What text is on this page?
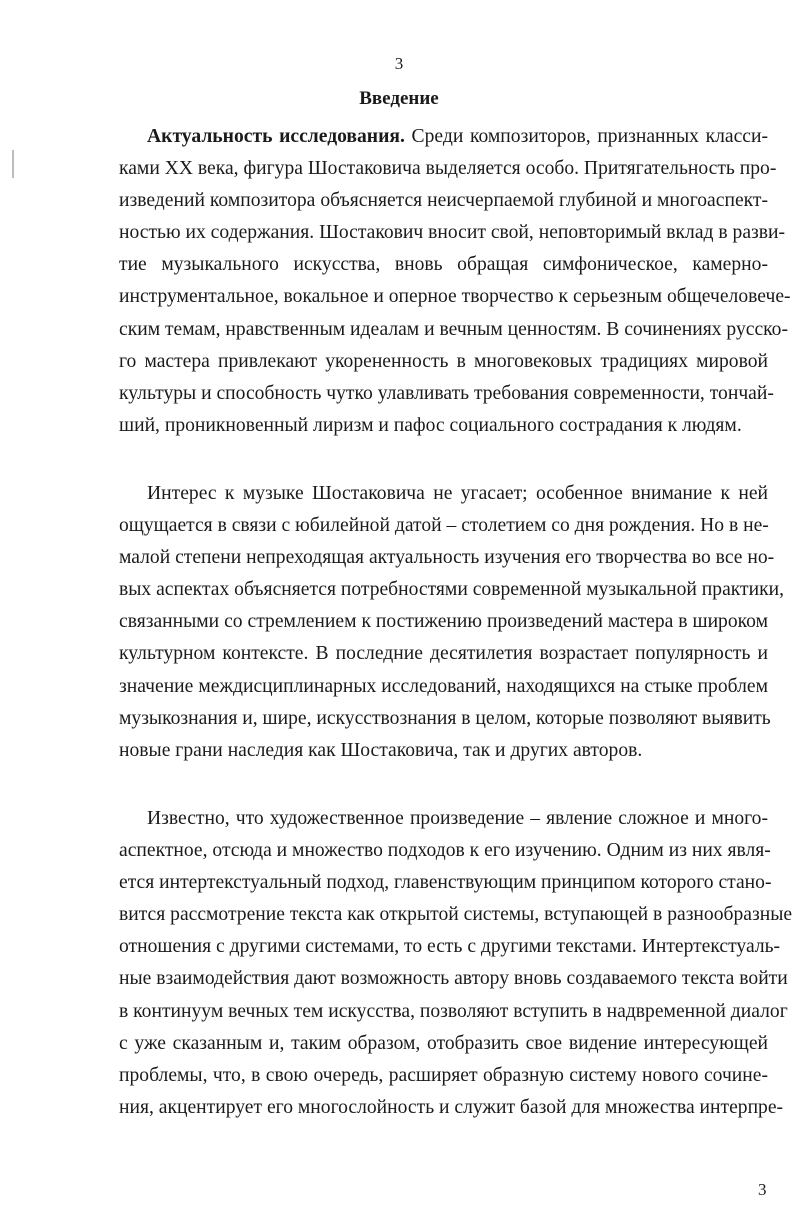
3
Введение
Актуальность исследования. Среди композиторов, признанных класси-
ками XX века, фигура Шостаковича выделяется особо. Притягательность про-
изведений композитора объясняется неисчерпаемой глубиной и многоаспект-
ностью их содержания. Шостакович вносит свой, неповторимый вклад в разви-
тие музыкального искусства, вновь обращая симфоническое, камерно-
инструментальное, вокальное и оперное творчество к серьезным общечеловече-
ским темам, нравственным идеалам и вечным ценностям. В сочинениях русско-
го мастера привлекают укорененность в многовековых традициях мировой
культуры и способность чутко улавливать требования современности, тончай-
ший, проникновенный лиризм и пафос социального сострадания к людям.
Интерес к музыке Шостаковича не угасает; особенное внимание к ней
ощущается в связи с юбилейной датой – столетием со дня рождения. Но в не-
малой степени непреходящая актуальность изучения его творчества во все но-
вых аспектах объясняется потребностями современной музыкальной практики,
связанными со стремлением к постижению произведений мастера в широком
культурном контексте. В последние десятилетия возрастает популярность и
значение междисциплинарных исследований, находящихся на стыке проблем
музыкознания и, шире, искусствознания в целом, которые позволяют выявить
новые грани наследия как Шостаковича, так и других авторов.
Известно, что художественное произведение – явление сложное и много-
аспектное, отсюда и множество подходов к его изучению. Одним из них явля-
ется интертекстуальный подход, главенствующим принципом которого стано-
вится рассмотрение текста как открытой системы, вступающей в разнообразные
отношения с другими системами, то есть с другими текстами. Интертекстуаль-
ные взаимодействия дают возможность автору вновь создаваемого текста войти
в континуум вечных тем искусства, позволяют вступить в надвременной диалог
с уже сказанным и, таким образом, отобразить свое видение интересующей
проблемы, что, в свою очередь, расширяет образную систему нового сочине-
ния, акцентирует его многослойность и служит базой для множества интерпре-
3
